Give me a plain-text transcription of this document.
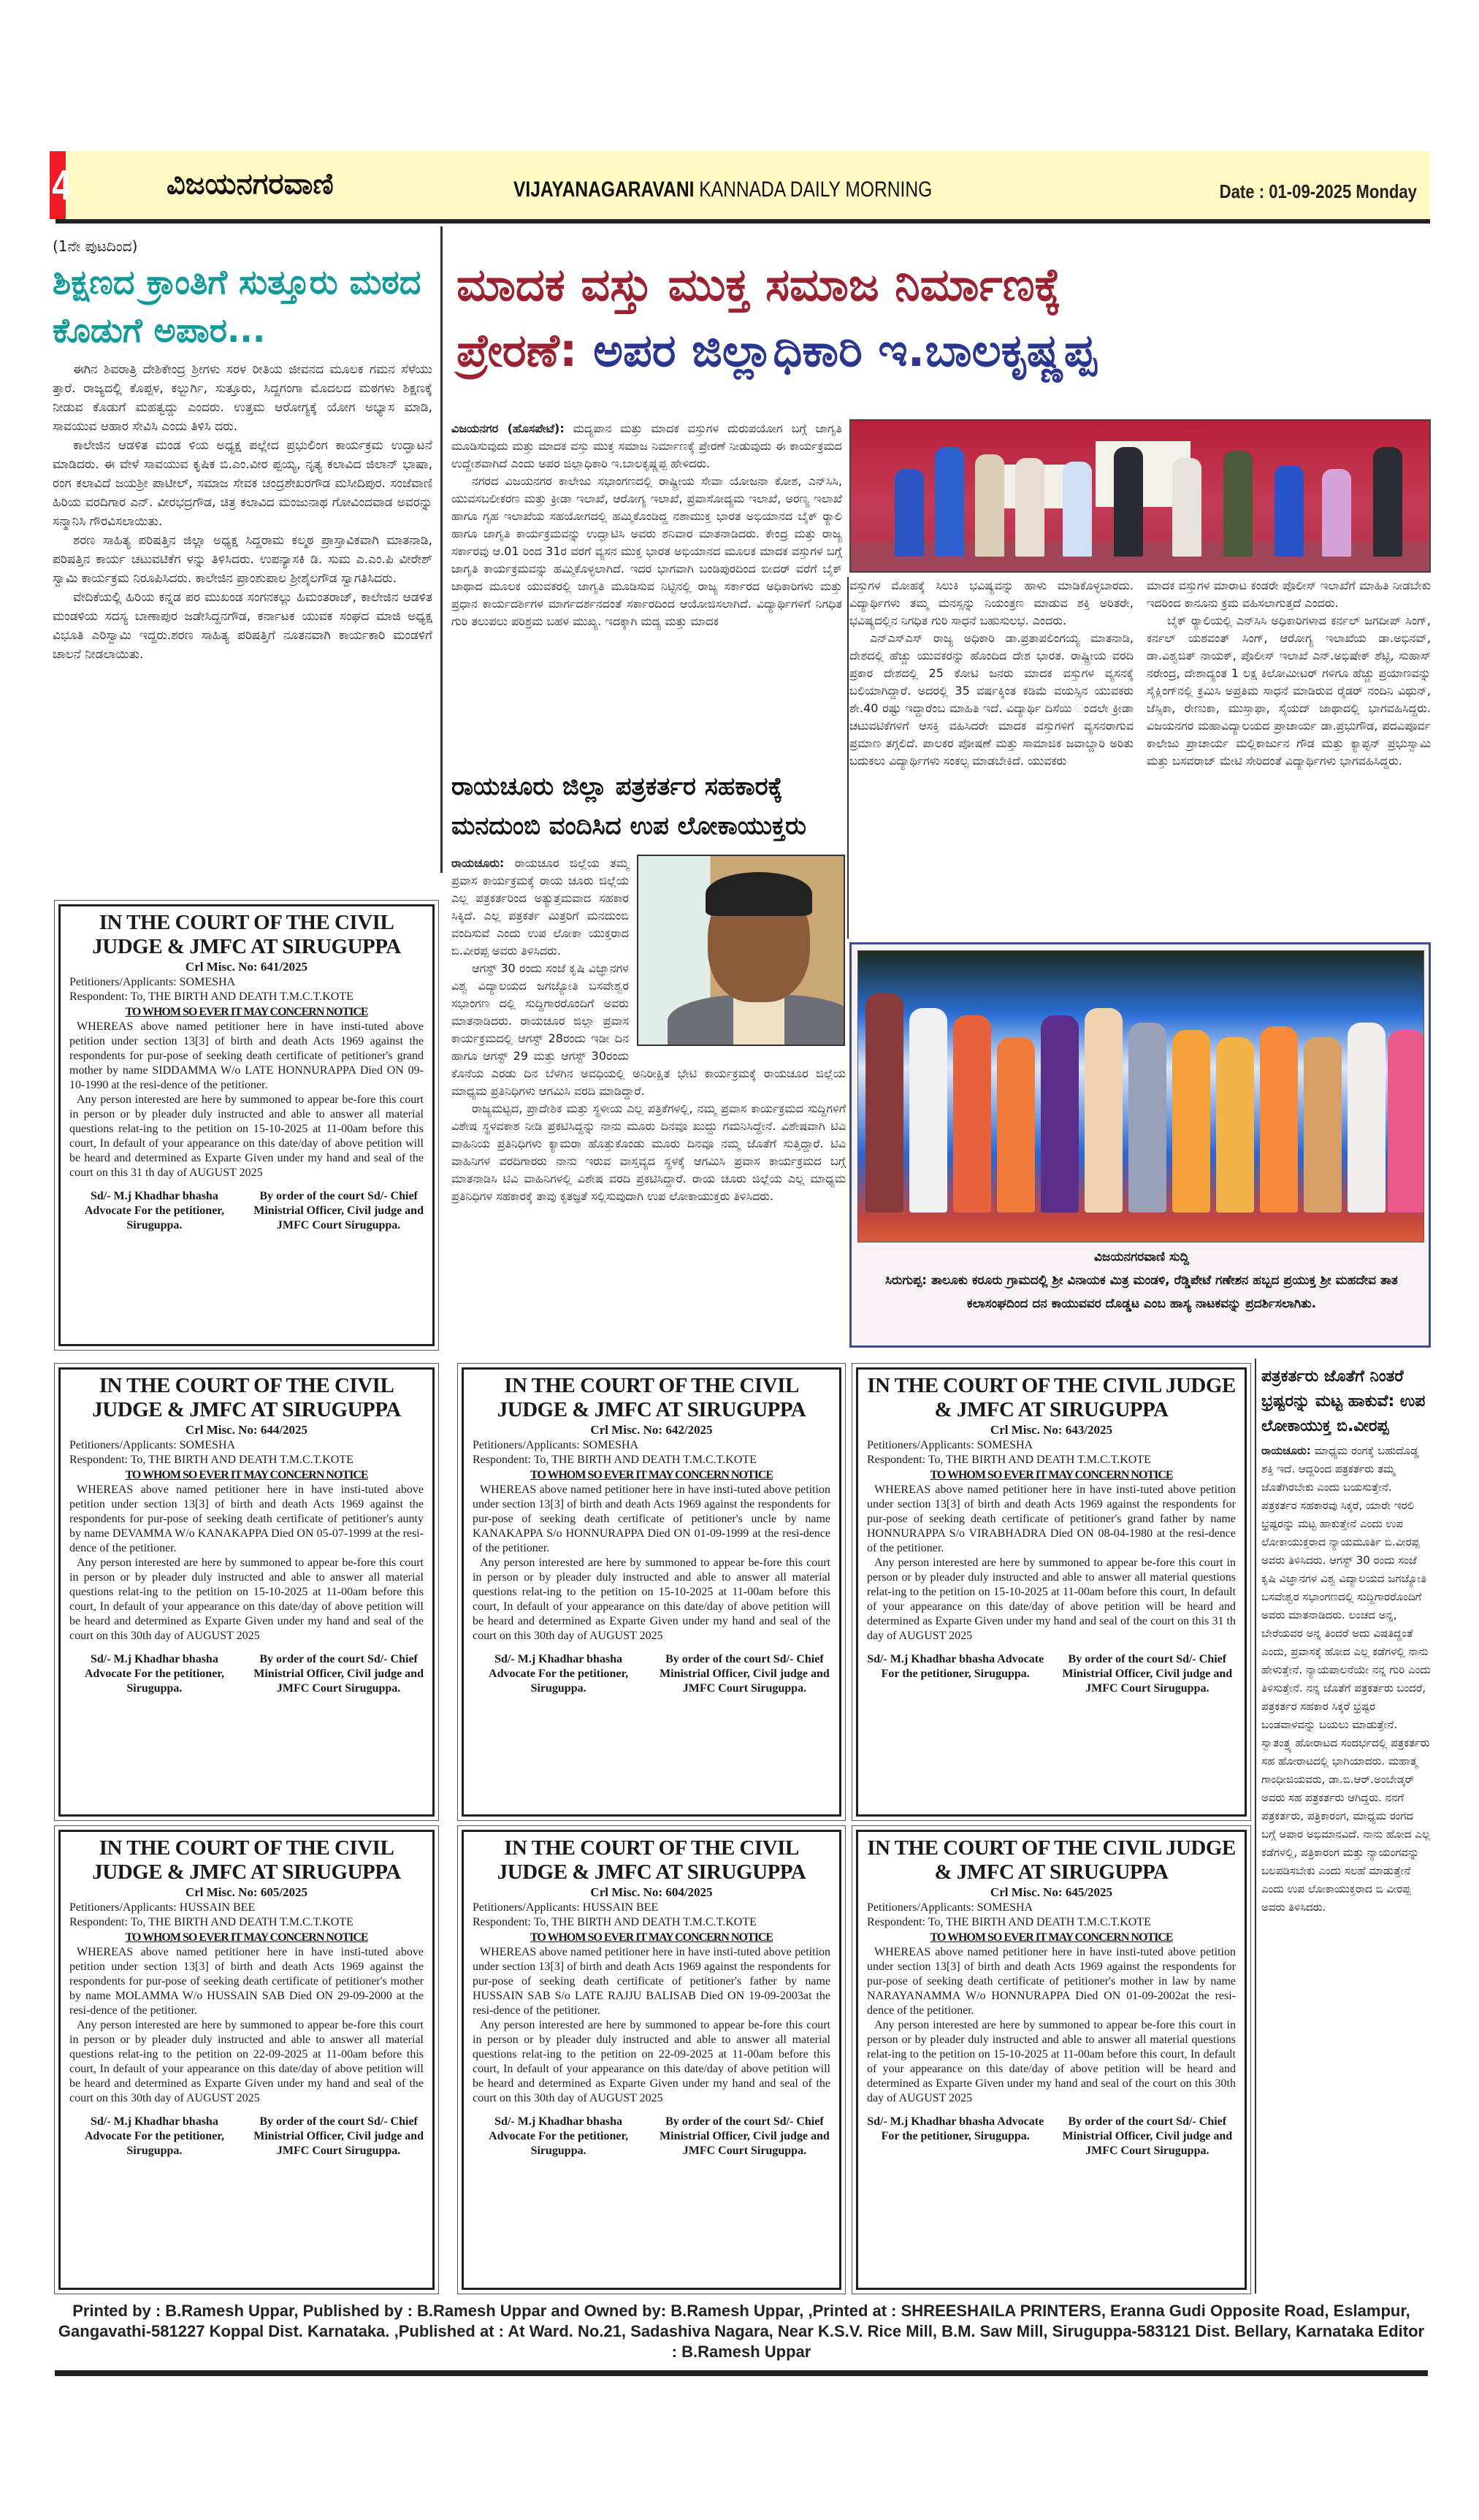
4	ವಿಜಯನಗರವಾಣಿ	VIJAYANAGARAVANI KANNADA DAILY MORNING	Date : 01-09-2025 Monday
(1ನೇ ಪುಟದಿಂದ)
ಶಿಕ್ಷಣದ ಕ್ರಾಂತಿಗೆ ಸುತ್ತೂರು ಮಠದ ಕೊಡುಗೆ ಅಪಾರ...

ಈಗಿನ ಶಿವರಾತ್ರಿ ದೇಶಿಕೇಂದ್ರ ಶ್ರೀಗಳು ಸರಳ ರೀತಿಯ ಜೀವನದ ಮೂಲಕ ಗಮನ ಸೆಳೆಯು ತ್ತಾರೆ. ರಾಜ್ಯದಲ್ಲಿ ಕೊಪ್ಪಳ, ಕಲ್ಬುರ್ಗಿ, ಸುತ್ತೂರು, ಸಿದ್ದಗಂಗಾ ಮೊದಲದ ಮಠಗಳು ಶಿಕ್ಷಣಕ್ಕೆ ನೀಡುವ ಕೊಡುಗೆ ಮಹತ್ವದ್ದು ಎಂದರು. ಉತ್ತಮ ಆರೋಗ್ಯಕ್ಕೆ ಯೋಗ ಅಭ್ಯಾಸ ಮಾಡಿ, ಸಾವಯುವ ಆಹಾರ ಸೇವಿಸಿ ಎಂದು ತಿಳಿಸಿ ದರು.

ಕಾಲೇಜಿನ ಆಡಳಿತ ಮಂಡ ಳಿಯ ಅಧ್ಯಕ್ಷ ಪಲ್ಲೇದ ಪ್ರಭುಲಿಂಗ ಕಾರ್ಯಕ್ರಮ ಉದ್ಘಾಟನೆ ಮಾಡಿದರು. ಈ ವೇಳೆ ಸಾವಯುವ ಕೃಷಿಕ ಬಿ.ಎಂ.ವೀರ ಪ್ಪಯ್ಯ, ನೃತ್ಯ ಕಲಾವಿದ ಜಿಲಾನ್ ಭಾಷಾ, ರಂಗ ಕಲಾವಿದೆ ಜಯಶ್ರೀ ಪಾಟೀಲ್, ಸಮಾಜ ಸೇವಕ ಚಂದ್ರಶೇಖರಗೌಡ ಮಸೀದಿಪುರ. ಸಂಜೆವಾಣಿ ಹಿರಿಯ ವರದಿಗಾರ ಎನ್. ವೀರಭದ್ರಗೌಡ, ಚಿತ್ರ ಕಲಾವಿದ ಮಂಜುನಾಥ ಗೋವಿಂದವಾಡ ಅವರನ್ನು ಸನ್ಮಾನಿಸಿ ಗೌರವಿಸಲಾಯಿತು.

ಶರಣ ಸಾಹಿತ್ಯ ಪರಿಷತ್ತಿನ ಜಿಲ್ಲಾ ಅಧ್ಯಕ್ಷ ಸಿದ್ದರಾಮ ಕಲ್ಮಠ ಪ್ರಾಸ್ತಾವಿಕವಾಗಿ ಮಾತನಾಡಿ, ಪರಿಷತ್ತಿನ ಕಾರ್ಯ ಚಟುವಟಿಕೆಗ ಳನ್ನು ತಿಳಿಸಿದರು. ಉಪನ್ಯಾಸಕಿ ಡಿ. ಸುಮ ಎ.ಎಂ.ಪಿ ವೀರೇಶ್ ಸ್ವಾಮಿ ಕಾರ್ಯಕ್ರಮ ನಿರೂಪಿಸಿದರು. ಕಾಲೇಜಿನ ಪ್ರಾಂಶುಪಾಲ ಶ್ರೀಶೈಲಗೌಡ ಸ್ವಾಗತಿಸಿದರು.

ವೇದಿಕೆಯಲ್ಲಿ ಹಿರಿಯ ಕನ್ನಡ ಪರ ಮುಖಂಡ ಸಂಗನಕಲ್ಲು ಹಿಮಂತರಾಜ್, ಕಾಲೇಜಿನ ಆಡಳಿತ ಮಂಡಳಿಯ ಸದಸ್ಯ ಬಾಣಾಪುರ ಜಡೇಸಿದ್ದನಗೌಡ, ಕರ್ನಾಟಕ ಯುವಕ ಸಂಘದ ಮಾಜಿ ಅಧ್ಯಕ್ಷ ವಿಭೂತಿ ಎರಿಸ್ವಾಮಿ ಇದ್ದರು.ಶರಣ ಸಾಹಿತ್ಯ ಪರಿಷತ್ತಿಗೆ ನೂತನವಾಗಿ ಕಾರ್ಯಕಾರಿ ಮಂಡಳಿಗೆ ಚಾಲನೆ ನೀಡಲಾಯಿತು.

ಮಾದಕ ವಸ್ತು ಮುಕ್ತ ಸಮಾಜ ನಿರ್ಮಾಣಕ್ಕೆ
ಪ್ರೇರಣೆ: ಅಪರ ಜಿಲ್ಲಾಧಿಕಾರಿ ಇ.ಬಾಲಕೃಷ್ಣಪ್ಪ

ವಿಜಯನಗರ (ಹೊಸಪೇಟೆ): ಮದ್ಯಪಾನ ಮತ್ತು ಮಾದಕ ವಸ್ತುಗಳ ದುರುಪಯೋಗ ಬಗ್ಗೆ ಜಾಗೃತಿ ಮೂಡಿಸುವುದು ಮತ್ತು ಮಾದಕ ವಸ್ತು ಮುಕ್ತ ಸಮಾಜ ನಿರ್ಮಾಣಕ್ಕೆ ಪ್ರೇರಣೆ ನೀಡುವುದು ಈ ಕಾರ್ಯಕ್ರಮದ ಉದ್ದೇಶವಾಗಿದೆ ಎಂದು ಅಪರ ಜಿಲ್ಲಾಧಿಕಾರಿ ಇ.ಬಾಲಕೃಷ್ಣಪ್ಪ ಹೇಳಿದರು.

ನಗರದ ವಿಜಯನಗರ ಕಾಲೇಜು ಸಭಾಂಗಣದಲ್ಲಿ ರಾಷ್ಟ್ರೀಯ ಸೇವಾ ಯೋಜನಾ ಕೋಶ, ಎನ್‌ಸಿಸಿ, ಯುವಸಬಲೀಕರಣ ಮತ್ತು ಕ್ರೀಡಾ ಇಲಾಖೆ, ಆರೋಗ್ಯ ಇಲಾಖೆ, ಪ್ರವಾಸೋದ್ಯಮ ಇಲಾಖೆ, ಅರಣ್ಯ ಇಲಾಖೆ ಹಾಗೂ ಗೃಹ ಇಲಾಖೆಯ ಸಹಯೋಗದಲ್ಲಿ ಹಮ್ಮಿಕೊಂಡಿದ್ದ ನಶಾಮುಕ್ತ ಭಾರತ ಅಭಿಯಾನದ ಬೈಕ್ ರ‍್ಯಾಲಿ ಹಾಗೂ ಜಾಗೃತಿ ಕಾರ್ಯಕ್ರಮವನ್ನು ಉದ್ಘಾಟಿಸಿ ಅವರು ಶನಿವಾರ ಮಾತನಾಡಿದರು. ಕೇಂದ್ರ ಮತ್ತು ರಾಜ್ಯ ಸರ್ಕಾರವು ಆ.01 ರಿಂದ 31ರ ವರಗೆ ವ್ಯಸನ ಮುಕ್ತ ಭಾರತ ಅಭಿಯಾನದ ಮೂಲಕ ಮಾದಕ ವಸ್ತುಗಳ ಬಗ್ಗೆ ಜಾಗೃತಿ ಕಾರ್ಯಕ್ರಮವನ್ನು ಹಮ್ಮಿಕೊಳ್ಳಲಾಗಿದೆ. ಇದರ ಭಾಗವಾಗಿ ಬಂಡಿಪುರದಿಂದ ಬೀದರ್ ವರೆಗೆ ಬೈಕ್ ಜಾಥಾದ ಮೂಲಕ ಯುವಕರಲ್ಲಿ ಜಾಗೃತಿ ಮೂಡಿಸುವ ನಿಟ್ಟಿನಲ್ಲಿ ರಾಜ್ಯ ಸರ್ಕಾರದ ಅಧಿಕಾರಿಗಳು ಮತ್ತು ಪ್ರಧಾನ ಕಾರ್ಯದರ್ಶಿಗಳ ಮಾರ್ಗದರ್ಶನದಂತೆ ಸರ್ಕಾರದಿಂದ ಆಯೋಜಿಸಲಾಗಿದೆ. ವಿದ್ಯಾರ್ಥಿಗಳಿಗೆ ನಿಗಧಿತ ಗುರಿ ತಲುಪಲು ಪರಿಶ್ರಮ ಬಹಳ ಮುಖ್ಯ. ಇದಕ್ಕಾಗಿ ಮದ್ಯ ಮತ್ತು ಮಾದಕ

ವಸ್ತುಗಳ ಮೋಹಕ್ಕೆ ಸಿಲುಕಿ ಭವಿಷ್ಯವನ್ನು ಹಾಳು ಮಾಡಿಕೊಳ್ಳಬಾರದು. ವಿದ್ಯಾರ್ಥಿಗಳು ತಮ್ಮ ಮನಸ್ಸನ್ನು ನಿಯಂತ್ರಣ ಮಾಡುವ ಶಕ್ತಿ ಅರಿತರೇ, ಭವಿಷ್ಯದಲ್ಲಿನ ನಿಗಧಿತ ಗುರಿ ಸಾಧನೆ ಬಹುಸುಲಭ. ಎಂದರು.

ಎನ್‌ಎಸ್‌ಎಸ್ ರಾಜ್ಯ ಅಧಿಕಾರಿ ಡಾ.ಪ್ರತಾಪಲಿಂಗಯ್ಯ ಮಾತನಾಡಿ, ದೇಶದಲ್ಲಿ ಹೆಚ್ಚು ಯುವಕರನ್ನು ಹೊಂದಿದ ದೇಶ ಭಾರತ. ರಾಷ್ಟ್ರೀಯ ವರದಿ ಪ್ರಕಾರ ದೇಶದಲ್ಲಿ 25 ಕೋಟಿ ಜನರು ಮಾದಕ ವಸ್ತುಗಳ ವ್ಯಸನಕ್ಕೆ ಬಲಿಯಾಗಿದ್ದಾರೆ. ಅದರಲ್ಲಿ 35 ವರ್ಷಕ್ಕಿಂತ ಕಡಿಮೆ ವಯಸ್ಸಿನ ಯುವಕರು ಶೇ.40 ರಷ್ಟು ಇದ್ದಾರೆಂಬ ಮಾಹಿತಿ ಇದೆ. ವಿದ್ಯಾರ್ಥಿ ದಿಸೆಯಿ ಂದಲೇ ಕ್ರೀಡಾ ಚಟುವಟಿಕೆಗಳಿಗೆ ಆಸಕ್ತಿ ವಹಿಸಿದರೇ ಮಾದಕ ವಸ್ತುಗಳಿಗೆ ವ್ಯಸನರಾಗುವ ಪ್ರಮಾಣ ತಗ್ಗಲಿದೆ. ಪಾಲಕರ ಪೋಷಣೆ ಮತ್ತು ಸಾಮಾಜಿಕ ಜವಾಬ್ದಾರಿ ಅರಿತು ಬದುಕಲು ವಿದ್ಯಾರ್ಥಿಗಳು ಸಂಕಲ್ಪ ಮಾಡಬೇಕಿದೆ. ಯುವಕರು

ಮಾದಕ ವಸ್ತುಗಳ ಮಾರಾಟ ಕಂಡರೇ ಪೊಲೀಸ್ ಇಲಾಖೆಗೆ ಮಾಹಿತಿ ನೀಡಬೇಕು ಇದರಿಂದ ಕಾನೂನು ಕ್ರಮ ವಹಿಸಲಾಗುತ್ತದೆ ಎಂದರು.

ಬೈಕ್ ರ‍್ಯಾಲಿಯಲ್ಲಿ ಎನ್‌ಸಿಸಿ ಅಧಿಕಾರಿಗಳಾದ ಕರ್ನಲ್ ಜಗದೀಪ್ ಸಿಂಗ್, ಕರ್ನಲ್ ಯಶವಂತ್ ಸಿಂಗ್, ಆರೋಗ್ಯ ಇಲಾಖೆಯ ಡಾ.ಅಭಿನವ್, ಡಾ.ವಿಶ್ವಜಿತ್ ನಾಯಕ್, ಪೊಲೀಸ್ ಇಲಾಖೆ ಎನ್.ಅಭಿಷೇಕ್ ಶೆಟ್ಟಿ, ಸುಹಾಸ್ ನರೇಂದ್ರ, ದೇಶಾದ್ಯಂತ 1 ಲಕ್ಷ ಕಿಲೋಮೀಟರ್ ಗಳಿಗೂ ಹೆಚ್ಚು ಪ್ರಯಾಣವನ್ನು ಸೈಕ್ಲಿಂಗ್‌ನಲ್ಲಿ ಕ್ರಮಿಸಿ ಅಪ್ರತಿಮ ಸಾಧನೆ ಮಾಡಿರುವ ರೈಡರ್ ನಂದಿನಿ ವಿಥುನ್, ಜೆಸ್ಸಿಕಾ, ರೇಣುಕಾ, ಮುಸ್ತಾಫಾ, ಸೈಯದ್ ಜಾಥಾದಲ್ಲಿ ಭಾಗವಹಿಸಿದ್ದರು. ವಿಜಯನಗರ ಮಹಾವಿದ್ಯಾಲಯದ ಪ್ರಾಚಾರ್ಯ ಡಾ.ಪ್ರಭುಗೌಡ, ಪದವಿಪೂರ್ವ ಕಾಲೇಜು ಪ್ರಾಚಾರ್ಯ ಮಲ್ಲಿಕಾರ್ಜುನ ಗೌಡ ಮತ್ತು ಕ್ಯಾಪ್ಟನ್ ಪ್ರಭುಸ್ವಾಮಿ ಮತ್ತು ಬಸವರಾಜ್ ಮೇಟಿ ಸೇರಿದಂತೆ ವಿದ್ಯಾರ್ಥಿಗಳು ಭಾಗವಹಿಸಿದ್ದರು.

ರಾಯಚೂರು ಜಿಲ್ಲಾ ಪತ್ರಕರ್ತರ ಸಹಕಾರಕ್ಕೆ ಮನದುಂಬಿ ವಂದಿಸಿದ ಉಪ ಲೋಕಾಯುಕ್ತರು

ರಾಯಚೂರು: ರಾಯಚೂರ ಜಿಲ್ಲೆಯ ತಮ್ಮ ಪ್ರವಾಸ ಕಾರ್ಯಕ್ರಮಕ್ಕೆ ರಾಯ ಚೂರು ಜಿಲ್ಲೆಯ ಎಲ್ಲ ಪತ್ರಕರ್ತರಿಂದ ಅತ್ಯುತ್ತಮವಾದ ಸಹಕಾರ ಸಿಕ್ಕಿದೆ. ಎಲ್ಲ ಪತ್ರಕರ್ತ ಮಿತ್ರರಿಗೆ ಮನದುಂಬಿ ವಂದಿಸುವೆ ಎಂದು ಉಪ ಲೋಕಾ ಯುಕ್ತರಾದ ಬಿ.ವೀರಪ್ಪ ಅವರು ತಿಳಿಸಿದರು.

ಆಗಸ್ಟ್ 30 ರಂದು ಸಂಜೆ ಕೃಷಿ ವಿಜ್ಞಾನಗಳ ವಿಶ್ವ ವಿದ್ಯಾಲಯದ ಜಗಜ್ಯೋತಿ ಬಸವೇಶ್ವರ ಸಭಾಂಗಣ ದಲ್ಲಿ ಸುದ್ದಿಗಾರರೊಂದಿಗೆ ಅವರು ಮಾತನಾಡಿದರು. ರಾಯಚೂರ ಜಿಲ್ಲಾ ಪ್ರವಾಸ ಕಾರ್ಯಕ್ರಮದಲ್ಲಿ ಆಗಸ್ಟ್ 28ರಂದು ಇಡೀ ದಿನ ಹಾಗೂ ಆಗಸ್ಟ್ 29 ಮತ್ತು ಆಗಸ್ಟ್ 30ರಂದು ಕೊನೆಯ ಎರಡು ದಿನ ಬೆಳಗಿನ ಅವಧಿಯಲ್ಲಿ ಅನಿರೀಕ್ಷಿತ ಭೇಟಿ ಕಾರ್ಯಕ್ರಮಕ್ಕೆ ರಾಯಚೂರ ಜಿಲ್ಲೆಯ ಮಾಧ್ಯಮ ಪ್ರತಿನಿಧಿಗಳು ಆಗಮಿಸಿ ವರದಿ ಮಾಡಿದ್ದಾರೆ.

ರಾಜ್ಯಮಟ್ಟದ, ಪ್ರಾದೇಶಿಕ ಮತ್ತು ಸ್ಥಳೀಯ ಎಲ್ಲ ಪತ್ರಿಕೆಗಳಲ್ಲಿ, ನಮ್ಮ ಪ್ರವಾಸ ಕಾರ್ಯಕ್ರಮದ ಸುದ್ದಿಗಳಿಗೆ ವಿಶೇಷ ಸ್ಥಳವಕಾಶ ನೀಡಿ ಪ್ರಕಟಿಸಿದ್ದನ್ನು ನಾನು ಮೂರು ದಿನವೂ ಖುದ್ದು ಗಮನಿಸಿದ್ದೇನೆ. ವಿಶೇಷವಾಗಿ ಟಿವಿ ವಾಹಿನಿಯ ಪ್ರತಿನಿಧಿಗಳು ಕ್ಯಾಮರಾ ಹೊತ್ತುಕೊಂಡು ಮೂರು ದಿನವೂ ನಮ್ಮ ಜೊತೆಗೆ ಸುತ್ತಿದ್ದಾರೆ. ಟಿವಿ ವಾಹಿನಿಗಳ ವರದಿಗಾರರು ನಾನು ಇರುವ ವಾಸ್ತವ್ಯದ ಸ್ಥಳಕ್ಕೆ ಆಗಮಿಸಿ ಪ್ರವಾಸ ಕಾರ್ಯಕ್ರಮದ ಬಗ್ಗೆ ಮಾತನಾಡಿಸಿ ಟಿವಿ ವಾಹಿನಿಗಳಲ್ಲಿ ವಿಶೇಷ ವರದಿ ಪ್ರಕಟಿಸಿದ್ದಾರೆ. ರಾಯ ಚೂರು ಜಿಲ್ಲೆಯ ಎಲ್ಲ ಮಾಧ್ಯಮ ಪ್ರತಿನಿಧಿಗಳ ಸಹಕಾರಕ್ಕೆ ತಾವು ಕೃತಜ್ಞತೆ ಸಲ್ಲಿಸುವುದಾಗಿ ಉಪ ಲೋಕಾಯುಕ್ತರು ತಿಳಿಸಿದರು.

ವಿಜಯನಗರವಾಣಿ ಸುದ್ದಿ
ಸಿರುಗುಪ್ಪ: ತಾಲೂಕು ಕರೂರು ಗ್ರಾಮದಲ್ಲಿ ಶ್ರೀ ವಿನಾಯಕ ಮಿತ್ರ ಮಂಡಳಿ, ರೆಡ್ಡಿಪೇಟೆ ಗಣೇಶನ ಹಬ್ಬದ ಪ್ರಯುಕ್ತ ಶ್ರೀ ಮಹದೇವ ತಾತ ಕಲಾಸಂಘದಿಂದ ದನ ಕಾಯುವವರ ದೊಡ್ಡಟ ಎಂಬ ಹಾಸ್ಯ ನಾಟಕವನ್ನು ಪ್ರದರ್ಶಿಸಲಾಗಿತು.
IN THE COURT OF THE CIVIL JUDGE & JMFC AT SIRUGUPPA
Crl Misc. No: 641/2025
Petitioners/Applicants: SOMESHA
Respondent: To, THE BIRTH AND DEATH T.M.C.T.KOTE
TO WHOM SO EVER IT MAY CONCERN NOTICE
WHEREAS above named petitioner here in have insti-tuted above petition under section 13[3] of birth and death Acts 1969 against the respondents for pur-pose of seeking death certificate of petitioner's grand mother by name SIDDAMMA W/o LATE HONNURAPPA Died ON 09-10-1990 at the resi-dence of the petitioner.
Any person interested are here by summoned to appear be-fore this court in person or by pleader duly instructed and able to answer all material questions relat-ing to the petition on 15-10-2025 at 11-00am before this court, In default of your appearance on this date/day of above petition will be heard and determined as Exparte Given under my hand and seal of the court on this 31 th day of AUGUST 2025
Sd/- M.j Khadhar bhasha Advocate For the petitioner, Siruguppa.
By order of the court Sd/- Chief Ministrial Officer, Civil judge and JMFC Court Siruguppa.
IN THE COURT OF THE CIVIL JUDGE & JMFC AT SIRUGUPPA
Crl Misc. No: 644/2025
Petitioners/Applicants: SOMESHA
Respondent: To, THE BIRTH AND DEATH T.M.C.T.KOTE
TO WHOM SO EVER IT MAY CONCERN NOTICE
WHEREAS above named petitioner here in have insti-tuted above petition under section 13[3] of birth and death Acts 1969 against the respondents for pur-pose of seeking death certificate of petitioner's aunty by name DEVAMMA W/o KANAKAPPA Died ON 05-07-1999 at the resi-dence of the petitioner.
Any person interested are here by summoned to appear be-fore this court in person or by pleader duly instructed and able to answer all material questions relat-ing to the petition on 15-10-2025 at 11-00am before this court, In default of your appearance on this date/day of above petition will be heard and determined as Exparte Given under my hand and seal of the court on this 30th day of AUGUST 2025
Sd/- M.j Khadhar bhasha Advocate For the petitioner, Siruguppa.
By order of the court Sd/- Chief Ministrial Officer, Civil judge and JMFC Court Siruguppa.
IN THE COURT OF THE CIVIL JUDGE & JMFC AT SIRUGUPPA
Crl Misc. No: 642/2025
Petitioners/Applicants: SOMESHA
Respondent: To, THE BIRTH AND DEATH T.M.C.T.KOTE
TO WHOM SO EVER IT MAY CONCERN NOTICE
WHEREAS above named petitioner here in have insti-tuted above petition under section 13[3] of birth and death Acts 1969 against the respondents for pur-pose of seeking death certificate of petitioner's uncle by name KANAKAPPA S/o HONNURAPPA Died ON 01-09-1999 at the resi-dence of the petitioner.
Any person interested are here by summoned to appear be-fore this court in person or by pleader duly instructed and able to answer all material questions relat-ing to the petition on 15-10-2025 at 11-00am before this court, In default of your appearance on this date/day of above petition will be heard and determined as Exparte Given under my hand and seal of the court on this 30th day of AUGUST 2025
Sd/- M.j Khadhar bhasha Advocate For the petitioner, Siruguppa.
By order of the court Sd/- Chief Ministrial Officer, Civil judge and JMFC Court Siruguppa.
IN THE COURT OF THE CIVIL JUDGE & JMFC AT SIRUGUPPA
Crl Misc. No: 643/2025
Petitioners/Applicants: SOMESHA
Respondent: To, THE BIRTH AND DEATH T.M.C.T.KOTE
TO WHOM SO EVER IT MAY CONCERN NOTICE
WHEREAS above named petitioner here in have insti-tuted above petition under section 13[3] of birth and death Acts 1969 against the respondents for pur-pose of seeking death certificate of petitioner's grand father by name HONNURAPPA S/o VIRABHADRA Died ON 08-04-1980 at the resi-dence of the petitioner.
Any person interested are here by summoned to appear be-fore this court in person or by pleader duly instructed and able to answer all material questions relat-ing to the petition on 15-10-2025 at 11-00am before this court, In default of your appearance on this date/day of above petition will be heard and determined as Exparte Given under my hand and seal of the court on this 31 th day of AUGUST 2025
Sd/- M.j Khadhar bhasha Advocate For the petitioner, Siruguppa.
By order of the court Sd/- Chief Ministrial Officer, Civil judge and JMFC Court Siruguppa.
IN THE COURT OF THE CIVIL JUDGE & JMFC AT SIRUGUPPA
Crl Misc. No: 605/2025
Petitioners/Applicants: HUSSAIN BEE
Respondent: To, THE BIRTH AND DEATH T.M.C.T.KOTE
TO WHOM SO EVER IT MAY CONCERN NOTICE
WHEREAS above named petitioner here in have insti-tuted above petition under section 13[3] of birth and death Acts 1969 against the respondents for pur-pose of seeking death certificate of petitioner's mother by name MOLAMMA W/o HUSSAIN SAB Died ON 29-09-2000 at the resi-dence of the petitioner.
Any person interested are here by summoned to appear be-fore this court in person or by pleader duly instructed and able to answer all material questions relat-ing to the petition on 22-09-2025 at 11-00am before this court, In default of your appearance on this date/day of above petition will be heard and determined as Exparte Given under my hand and seal of the court on this 30th day of AUGUST 2025
Sd/- M.j Khadhar bhasha Advocate For the petitioner, Siruguppa.
By order of the court Sd/- Chief Ministrial Officer, Civil judge and JMFC Court Siruguppa.
IN THE COURT OF THE CIVIL JUDGE & JMFC AT SIRUGUPPA
Crl Misc. No: 604/2025
Petitioners/Applicants: HUSSAIN BEE
Respondent: To, THE BIRTH AND DEATH T.M.C.T.KOTE
TO WHOM SO EVER IT MAY CONCERN NOTICE
WHEREAS above named petitioner here in have insti-tuted above petition under section 13[3] of birth and death Acts 1969 against the respondents for pur-pose of seeking death certificate of petitioner's father by name HUSSAIN SAB S/o LATE RAJJU BALISAB Died ON 19-09-2003at the resi-dence of the petitioner.
Any person interested are here by summoned to appear be-fore this court in person or by pleader duly instructed and able to answer all material questions relat-ing to the petition on 22-09-2025 at 11-00am before this court, In default of your appearance on this date/day of above petition will be heard and determined as Exparte Given under my hand and seal of the court on this 30th day of AUGUST 2025
Sd/- M.j Khadhar bhasha Advocate For the petitioner, Siruguppa.
By order of the court Sd/- Chief Ministrial Officer, Civil judge and JMFC Court Siruguppa.
IN THE COURT OF THE CIVIL JUDGE & JMFC AT SIRUGUPPA
Crl Misc. No: 645/2025
Petitioners/Applicants: SOMESHA
Respondent: To, THE BIRTH AND DEATH T.M.C.T.KOTE
TO WHOM SO EVER IT MAY CONCERN NOTICE
WHEREAS above named petitioner here in have insti-tuted above petition under section 13[3] of birth and death Acts 1969 against the respondents for pur-pose of seeking death certificate of petitioner's mother in law by name NARAYANAMMA W/o HONNURAPPA Died ON 01-09-2002at the resi-dence of the petitioner.
Any person interested are here by summoned to appear be-fore this court in person or by pleader duly instructed and able to answer all material questions relat-ing to the petition on 15-10-2025 at 11-00am before this court, In default of your appearance on this date/day of above petition will be heard and determined as Exparte Given under my hand and seal of the court on this 30th day of AUGUST 2025
Sd/- M.j Khadhar bhasha Advocate For the petitioner, Siruguppa.
By order of the court Sd/- Chief Ministrial Officer, Civil judge and JMFC Court Siruguppa.
ಪತ್ರಕರ್ತರು ಜೊತೆಗೆ ನಿಂತರೆ ಭ್ರಷ್ಟರನ್ನು ಮಟ್ಟ ಹಾಕುವೆ: ಉಪ ಲೋಕಾಯುಕ್ತ ಬಿ.ವೀರಪ್ಪ
ರಾಯಚೂರು: ಮಾಧ್ಯಮ ರಂಗಕ್ಕೆ ಬಹುದೊಡ್ಡ ಶಕ್ತಿ ಇದೆ. ಆದ್ದರಿಂದ ಪತ್ರಕರ್ತರು ತಮ್ಮ ಜೊತೆಗಿರಬೇಕು ಎಂದು ಬಯಸುತ್ತೇನೆ. ಪತ್ರಕರ್ತರ ಸಹಕಾರವು ಸಿಕ್ಕರೆ, ಯಾರೇ ಇರಲಿ ಭ್ರಷ್ಟರನ್ನು ಮಟ್ಟ ಹಾಕುತ್ತೇನೆ ಎಂದು ಉಪ ಲೋಕಾಯುಕ್ತರಾದ ನ್ಯಾಯಮೂರ್ತಿ ಬಿ.ವೀರಪ್ಪ ಅವರು ತಿಳಿಸಿದರು. ಆಗಸ್ಟ್ 30 ರಂದು ಸಂಜೆ ಕೃಷಿ ವಿಜ್ಞಾನಗಳ ವಿಶ್ವ ವಿದ್ಯಾಲಯದ ಜಗಜ್ಯೋತಿ ಬಸವೇಶ್ವರ ಸಭಾಂಗಣದಲ್ಲಿ ಸುದ್ದಿಗಾರರೊಂದಿಗೆ ಅವರು ಮಾತನಾಡಿದರು. ಲಂಚದ ಅನ್ನ, ಬೇರೆಯವರ ಅನ್ನ ತಿಂದರೆ ಅದು ವಿಷತಿದ್ದಂತೆ ಎಂದು, ಪ್ರವಾಸಕ್ಕೆ ಹೋದ ಎಲ್ಲ ಕಡೆಗಳಲ್ಲಿ ನಾನು ಹೇಳುತ್ತೇನೆ. ನ್ಯಾಯಪಾಲನೆಯೇ ನನ್ನ ಗುರಿ ಎಂದು ತಿಳಿಸುತ್ತೇನೆ. ನನ್ನ ಜೊತೆಗೆ ಪತ್ರಕರ್ತರು ಬಂದರೆ, ಪತ್ರಕರ್ತರ ಸಹಕಾರ ಸಿಕ್ಕರೆ ಭ್ರಷ್ಟರ ಬಂಡವಾಳವನ್ನು ಬಯಲು ಮಾಡುತ್ತೇನೆ. ಸ್ವಾತಂತ್ರ್ಯ ಹೋರಾಟದ ಸಂದರ್ಭದಲ್ಲಿ ಪತ್ರಕರ್ತರು ಸಹ ಹೋರಾಟದಲ್ಲಿ ಭಾಗಿಯಾದರು. ಮಹಾತ್ಮ ಗಾಂಧೀಜಿಯವರು, ಡಾ.ಬಿ.ಆರ್.ಅಂಬೇಡ್ಕರ್ ಅವರು ಸಹ ಪತ್ರಕರ್ತರು ಆಗಿದ್ದರು. ನನಗೆ ಪತ್ರಕರ್ತರು, ಪತ್ರಿಕಾರಂಗ, ಮಾಧ್ಯಮ ರಂಗದ ಬಗ್ಗೆ ಅಪಾರ ಅಭಿಮಾನವಿದೆ. ನಾನು ಹೋದ ಎಲ್ಲ ಕಡೆಗಳಲ್ಲಿ, ಪತ್ರಿಕಾರಂಗ ಮತ್ತು ನ್ಯಾಯಂಗವನ್ನು ಬಲಪಡಿಸಬೇಕು ಎಂದು ಸಲಹೆ ಮಾಡುತ್ತೇನೆ ಎಂದು ಉಪ ಲೋಕಾಯುಕ್ತರಾದ ಬಿ ವೀರಪ್ಪ ಅವರು ತಿಳಿಸಿದರು.
Printed by : B.Ramesh Uppar, Published by : B.Ramesh Uppar and Owned by: B.Ramesh Uppar, ,Printed at : SHREESHAILA PRINTERS, Eranna Gudi Opposite Road, Eslampur, Gangavathi-581227 Koppal Dist. Karnataka. ,Published at : At Ward. No.21, Sadashiva Nagara, Near K.S.V. Rice Mill, B.M. Saw Mill, Siruguppa-583121 Dist. Bellary, Karnataka Editor : B.Ramesh Uppar
